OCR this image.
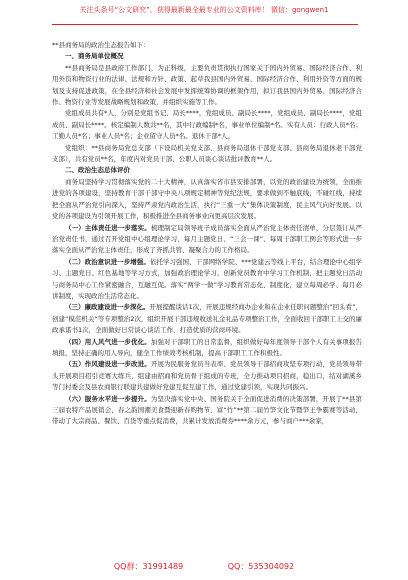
关注头条号“公文研究”，获得最新最全最专业的公文资料库！ 微信：gongwen1

**县商务局的政治生态报告如下：

一、商务局单位概况

**县商务局是县政府工作部门，为正科级，主要负责贯彻执行国家关于国内外贸易、国际经济合作、利用外资和物资行业的法律、法规和方针、政策、起草我县国内外贸易、国际经济合作、利用外资等方面的规划及支持促进政策，在全县经济和社会发展中发挥统筹协调的框架作用，拟订我县国内外贸易、国际经济合作、物资行业等发展战略规划和政策，并组织实施等工作。

党组成员共有*人，分别是党组书记、局长****，党组成员、副局长****，党组成员、副局长****，党组成员、副局长****。核定编制人数共**名，其中行政编制*名，事业单位编制*名。实有人员：行政人员*名；工勤人员*名；事业人员*名；企业留守人员*名。退休干部*人。

党组织：**县商务局党总支部（下设局机关党支部、县商务局退休干部党支部、县商务局退休老干部党支部），共有党员**名，年度内对党员干部、公职人员谈心谈话批评教育**人。

二、政治生态总体评价

商务局坚持学习贯彻落实党的二十大精神，认真落实省市县安排部署，以党的政治建设为统领，全面推进党的各项建设，坚持教育干部干部守中央八项规定精神等党纪法规，要求做到不触底线，不碰红线，持续把全面从严治党引向深入，坚持严肃党内政治生活，执行“三重一大”集体决策制度，民主风气向好发展。以党的各项建设为引领开展工作，积极推进全县商务事业向更高层次发展。

（一）主体责任进一步落实。梳理制定局领导班子成员落实全面从严治党主体责任清单，分层签订从严治党责任书，通过召开党组中心组理论学习、每月主题党日、“三会一课”、每周干部职工例会等形式进一步落实全面从严治党主体责任，形成了齐抓共管、凝聚合力的工作格局。

（二）政治意识进一步增强。依托学习强国、干部网络学院、***党建云等线上平台，结合理论中心组学习、主题党日、红色基地等学习方式，加强政治理论学习，创新党员教育中学习工作机制，把主题党日活动与商务局中心工作紧密融合，互融互促。落实“两学一做”学习教育常态化、制度化，建立每周必学、每月必讲制度，实现政治生活常态化。

（三）廉政建设进一步深化。开展提醒谈话1次，开展违规经商办企业和在企业任职问题整治“回头看”，创建“模范机关”等专项整治2次，组织开展干部违规收送礼金礼品专项整治工作，全面收回干部职工上交的廉政承诺书1次，全面做好日常谈心谈话工作，打造优质的营商环境。

（四）用人风气进一步优化。加强对干部职工的日常监督，组织做好每年度领导干部个人有关事项报告填报，坚持正确的用人导向，健全工作绩效考核机制，提高干部职工工作积极性。

（五）作风建设进一步改进。开展为民服务党员当表率、党员领导干部招商攻坚专项行动，党员领导带头开展项目招引竞赛大练兵，组建由招商和党员骨干组成的专班，全力推动项目招商，稳出口，结对湖溪乡等门村委会及县农商银行联建共建做好党建互促互建工作，通过党建引领，实现共同振兴。

（六）服务水平进一步提升。为坚决落实党中央、国务院关于全面促进消费的决策部署，开展了**县第三届农特产品展销会，春之韵国潮美食暨迎新春购物节、富“竹”**第二届竹笋文化节暨笋王争霸赛等活动，带动了大宗商品、餐饮、百货等重点促消费，共累计发放消费券****余万元，参与商户***余家，

QQ群：31991489	QQ：535304092
